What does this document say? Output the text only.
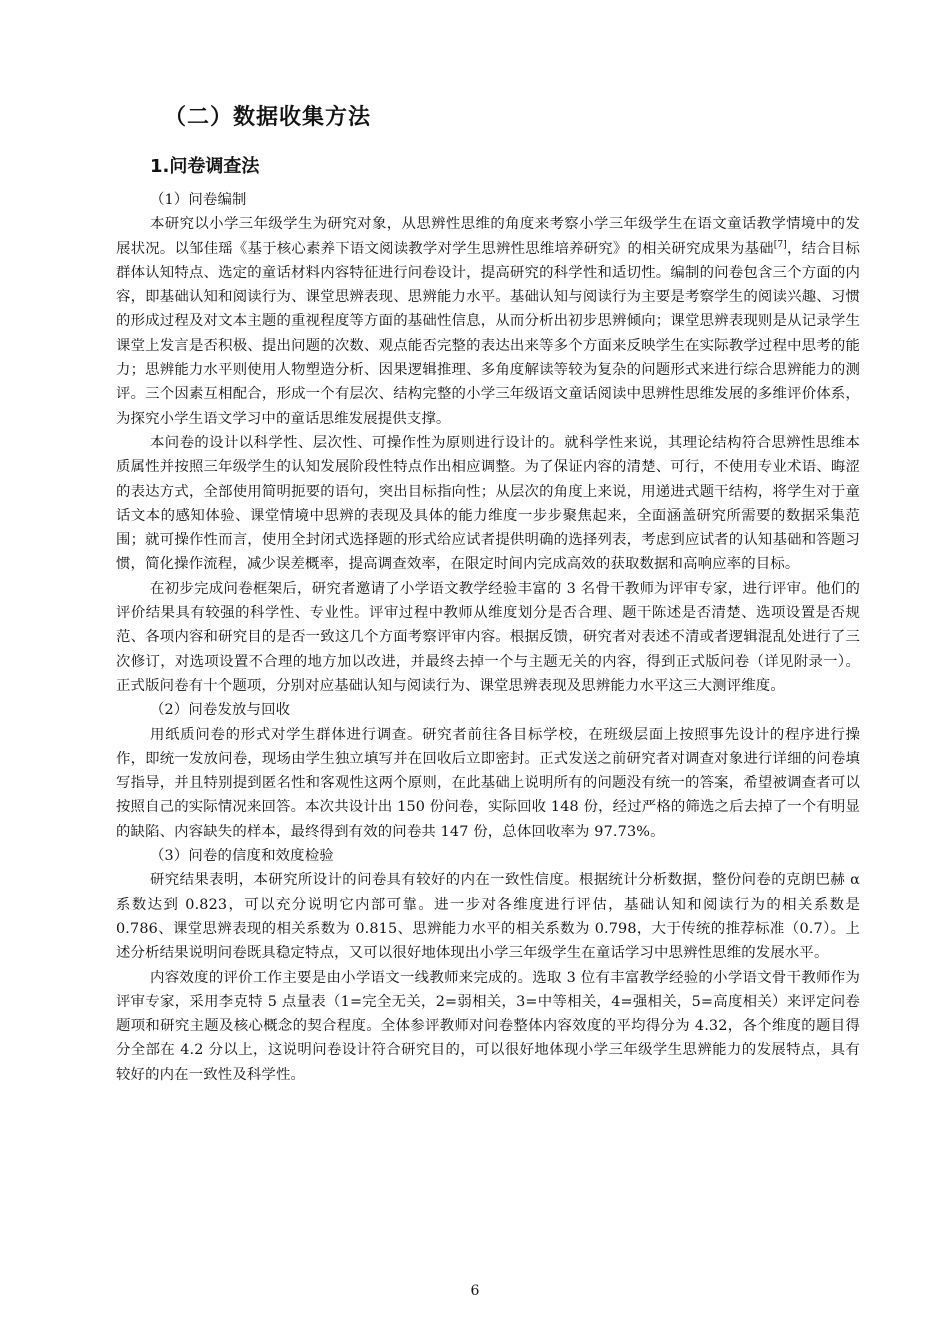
（二）数据收集方法
1.问卷调查法

（1）问卷编制

本研究以小学三年级学生为研究对象，从思辨性思维的角度来考察小学三年级学生在语文童话教学情境中的发展状况。以邹佳瑶《基于核心素养下语文阅读教学对学生思辨性思维培养研究》的相关研究成果为基础[7]，结合目标群体认知特点、选定的童话材料内容特征进行问卷设计，提高研究的科学性和适切性。编制的问卷包含三个方面的内容，即基础认知和阅读行为、课堂思辨表现、思辨能力水平。基础认知与阅读行为主要是考察学生的阅读兴趣、习惯的形成过程及对文本主题的重视程度等方面的基础性信息，从而分析出初步思辨倾向；课堂思辨表现则是从记录学生课堂上发言是否积极、提出问题的次数、观点能否完整的表达出来等多个方面来反映学生在实际教学过程中思考的能力；思辨能力水平则使用人物塑造分析、因果逻辑推理、多角度解读等较为复杂的问题形式来进行综合思辨能力的测评。三个因素互相配合，形成一个有层次、结构完整的小学三年级语文童话阅读中思辨性思维发展的多维评价体系，为探究小学生语文学习中的童话思维发展提供支撑。

本问卷的设计以科学性、层次性、可操作性为原则进行设计的。就科学性来说，其理论结构符合思辨性思维本质属性并按照三年级学生的认知发展阶段性特点作出相应调整。为了保证内容的清楚、可行，不使用专业术语、晦涩的表达方式，全部使用简明扼要的语句，突出目标指向性；从层次的角度上来说，用递进式题干结构，将学生对于童话文本的感知体验、课堂情境中思辨的表现及具体的能力维度一步步聚焦起来，全面涵盖研究所需要的数据采集范围；就可操作性而言，使用全封闭式选择题的形式给应试者提供明确的选择列表，考虑到应试者的认知基础和答题习惯，简化操作流程，减少误差概率，提高调查效率，在限定时间内完成高效的获取数据和高响应率的目标。

在初步完成问卷框架后，研究者邀请了小学语文教学经验丰富的 3 名骨干教师为评审专家，进行评审。他们的评价结果具有较强的科学性、专业性。评审过程中教师从维度划分是否合理、题干陈述是否清楚、选项设置是否规范、各项内容和研究目的是否一致这几个方面考察评审内容。根据反馈，研究者对表述不清或者逻辑混乱处进行了三次修订，对选项设置不合理的地方加以改进，并最终去掉一个与主题无关的内容，得到正式版问卷（详见附录一）。正式版问卷有十个题项，分别对应基础认知与阅读行为、课堂思辨表现及思辨能力水平这三大测评维度。

（2）问卷发放与回收

用纸质问卷的形式对学生群体进行调查。研究者前往各目标学校，在班级层面上按照事先设计的程序进行操作，即统一发放问卷，现场由学生独立填写并在回收后立即密封。正式发送之前研究者对调查对象进行详细的问卷填写指导，并且特别提到匿名性和客观性这两个原则，在此基础上说明所有的问题没有统一的答案，希望被调查者可以按照自己的实际情况来回答。本次共设计出 150 份问卷，实际回收 148 份，经过严格的筛选之后去掉了一个有明显的缺陷、内容缺失的样本，最终得到有效的问卷共 147 份，总体回收率为 97.73%。

（3）问卷的信度和效度检验

研究结果表明，本研究所设计的问卷具有较好的内在一致性信度。根据统计分析数据，整份问卷的克朗巴赫 α 系数达到 0.823，可以充分说明它内部可靠。进一步对各维度进行评估，基础认知和阅读行为的相关系数是 0.786、课堂思辨表现的相关系数为 0.815、思辨能力水平的相关系数为 0.798，大于传统的推荐标准（0.7）。上述分析结果说明问卷既具稳定特点，又可以很好地体现出小学三年级学生在童话学习中思辨性思维的发展水平。

内容效度的评价工作主要是由小学语文一线教师来完成的。选取 3 位有丰富教学经验的小学语文骨干教师作为评审专家，采用李克特 5 点量表（1=完全无关，2=弱相关，3=中等相关，4=强相关，5=高度相关）来评定问卷题项和研究主题及核心概念的契合程度。全体参评教师对问卷整体内容效度的平均得分为 4.32，各个维度的题目得分全部在 4.2 分以上，这说明问卷设计符合研究目的，可以很好地体现小学三年级学生思辨能力的发展特点，具有较好的内在一致性及科学性。

6
